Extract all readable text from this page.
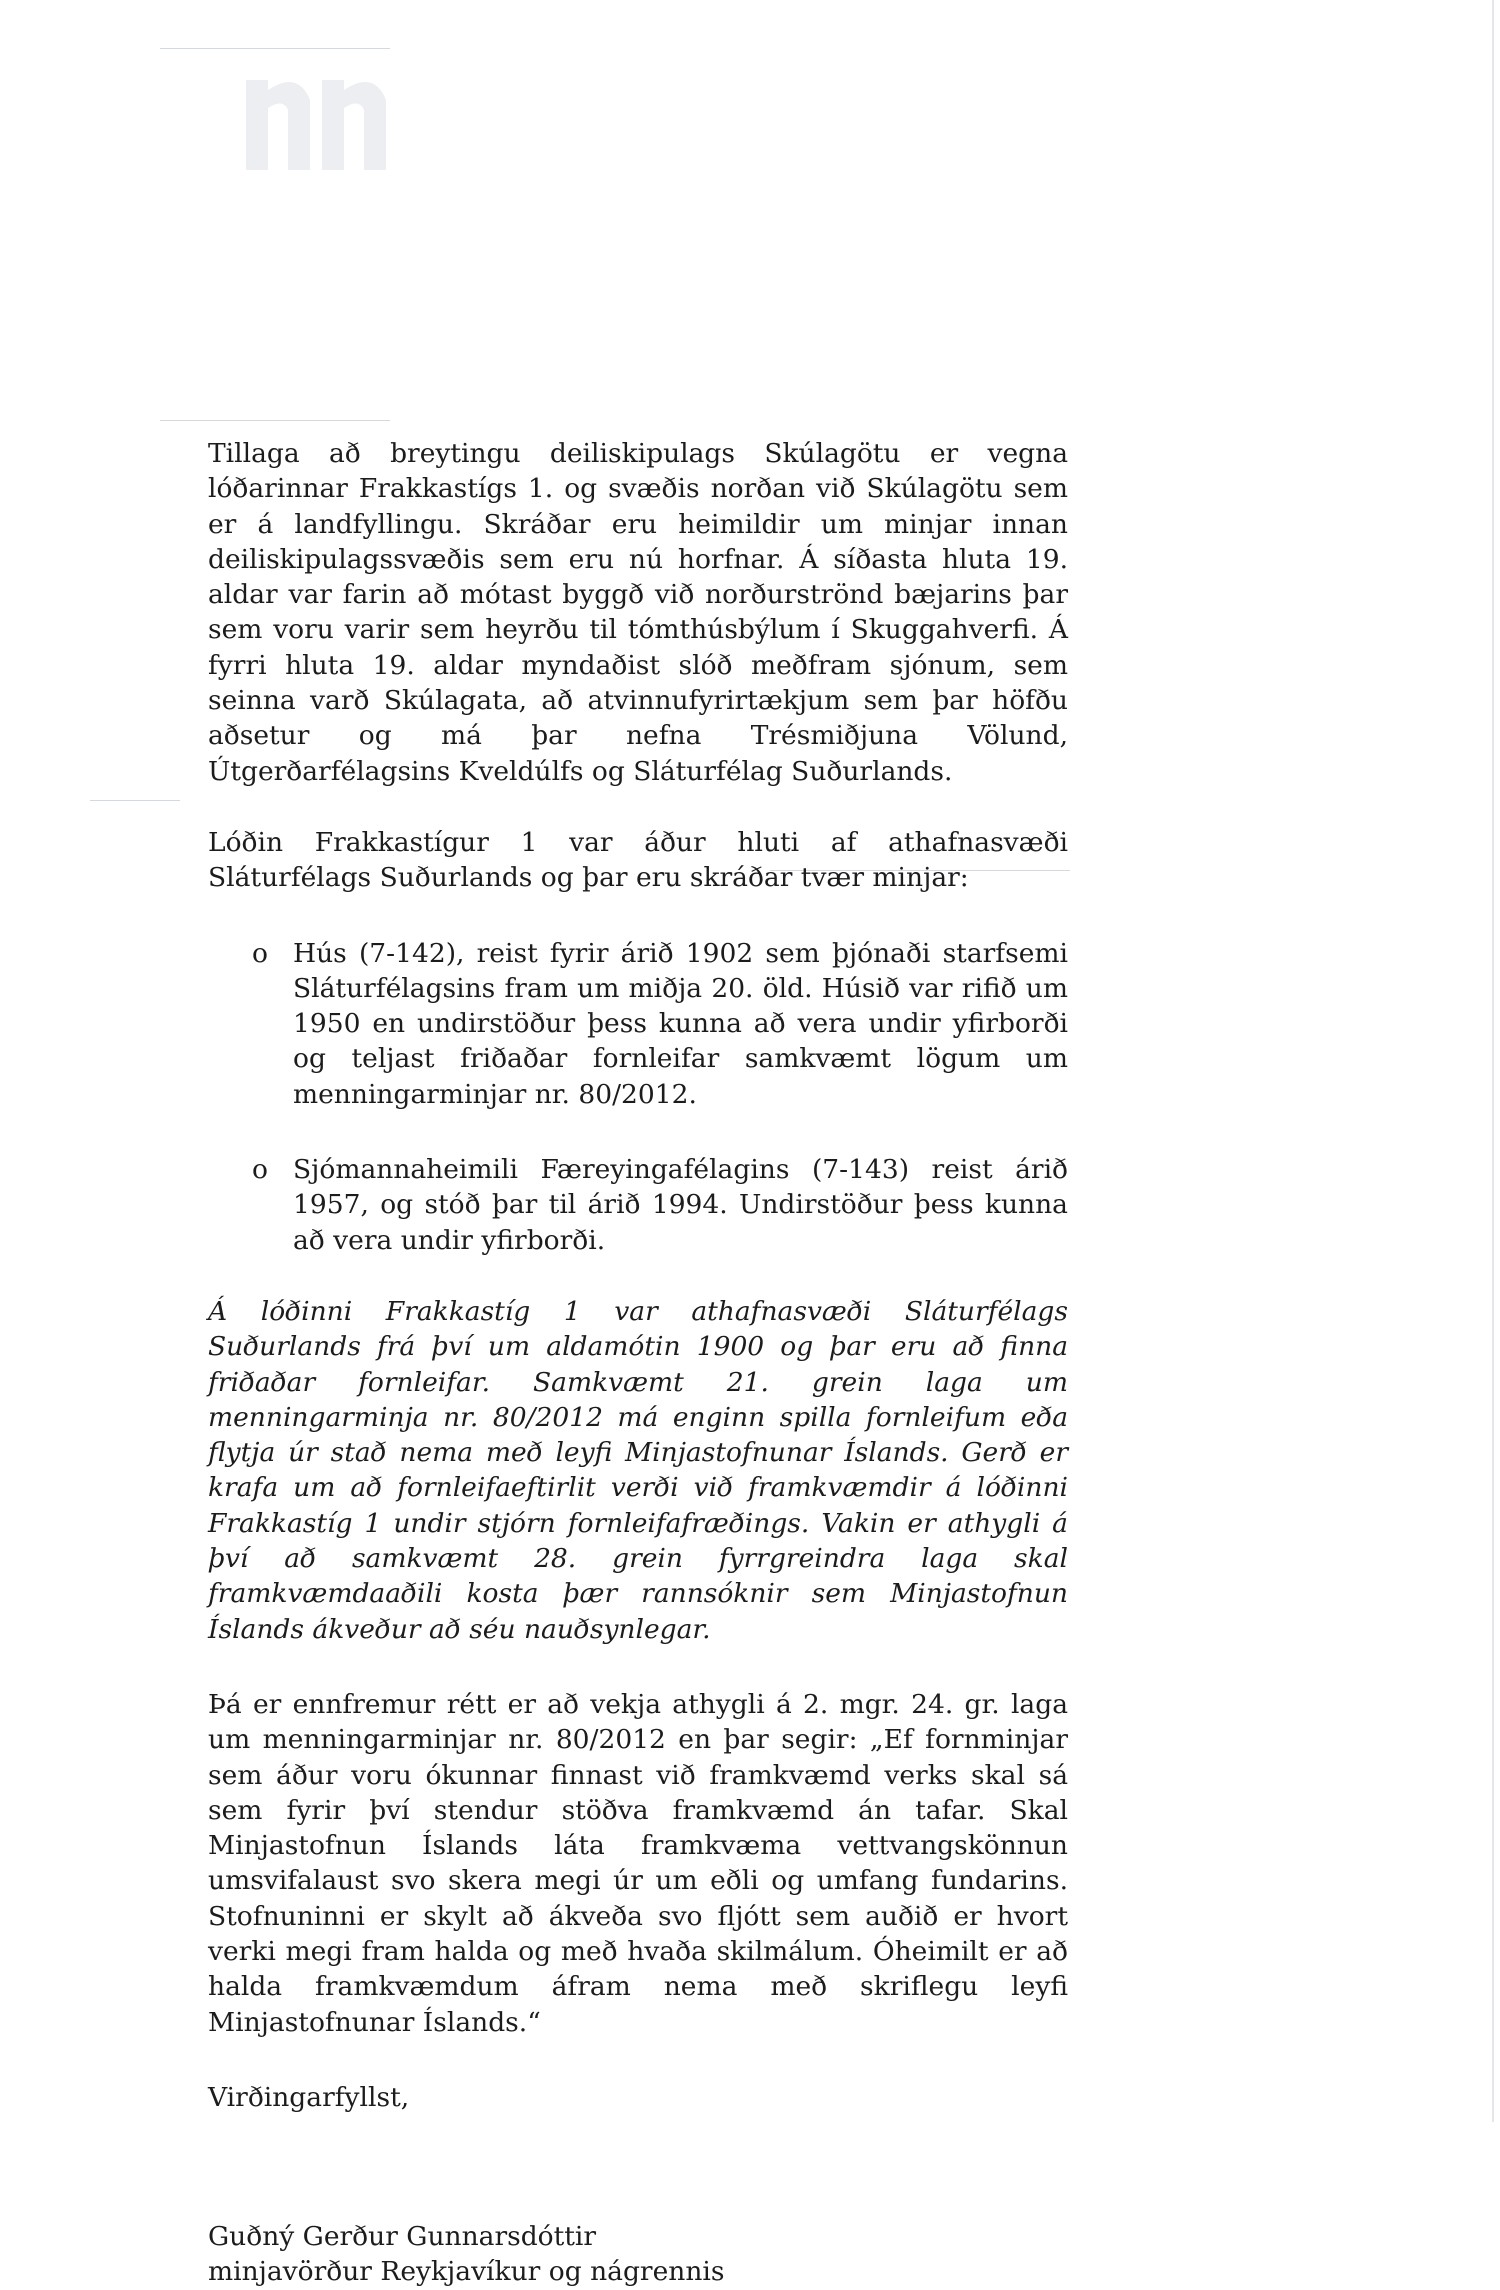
Tillaga að breytingu deiliskipulags Skúlagötu er vegna lóðarinnar Frakkastígs 1. og svæðis norðan við Skúlagötu sem er á landfyllingu. Skráðar eru heimildir um minjar innan deiliskipulagssvæðis sem eru nú horfnar. Á síðasta hluta 19. aldar var farin að mótast byggð við norðurströnd bæjarins þar sem voru varir sem heyrðu til tómthúsbýlum í Skuggahverfi. Á fyrri hluta 19. aldar myndaðist slóð meðfram sjónum, sem seinna varð Skúlagata, að atvinnufyrirtækjum sem þar höfðu aðsetur og má þar nefna Trésmiðjuna Völund, Útgerðarfélagsins Kveldúlfs og Sláturfélag Suðurlands.

Lóðin Frakkastígur 1 var áður hluti af athafnasvæði Sláturfélags Suðurlands og þar eru skráðar tvær minjar:

o Hús (7-142), reist fyrir árið 1902 sem þjónaði starfsemi Sláturfélagsins fram um miðja 20. öld. Húsið var rifið um 1950 en undirstöður þess kunna að vera undir yfirborði og teljast friðaðar fornleifar samkvæmt lögum um menningarminjar nr. 80/2012.
o Sjómannaheimili Færeyingafélagins (7-143) reist árið 1957, og stóð þar til árið 1994. Undirstöður þess kunna að vera undir yfirborði.

Á lóðinni Frakkastíg 1 var athafnasvæði Sláturfélags Suðurlands frá því um aldamótin 1900 og þar eru að finna friðaðar fornleifar. Samkvæmt 21. grein laga um menningarminja nr. 80/2012 má enginn spilla fornleifum eða flytja úr stað nema með leyfi Minjastofnunar Íslands. Gerð er krafa um að fornleifaeftirlit verði við framkvæmdir á lóðinni Frakkastíg 1 undir stjórn fornleifafræðings. Vakin er athygli á því að samkvæmt 28. grein fyrrgreindra laga skal framkvæmdaaðili kosta þær rannsóknir sem Minjastofnun Íslands ákveður að séu nauðsynlegar.

Þá er ennfremur rétt er að vekja athygli á 2. mgr. 24. gr. laga um menningarminjar nr. 80/2012 en þar segir: „Ef fornminjar sem áður voru ókunnar finnast við framkvæmd verks skal sá sem fyrir því stendur stöðva framkvæmd án tafar. Skal Minjastofnun Íslands láta framkvæma vettvangskönnun umsvifalaust svo skera megi úr um eðli og umfang fundarins. Stofnuninni er skylt að ákveða svo fljótt sem auðið er hvort verki megi fram halda og með hvaða skilmálum. Óheimilt er að halda framkvæmdum áfram nema með skriflegu leyfi Minjastofnunar Íslands.“

Virðingarfyllst,

Guðný Gerður Gunnarsdóttir

minjavörður Reykjavíkur og nágrennis
